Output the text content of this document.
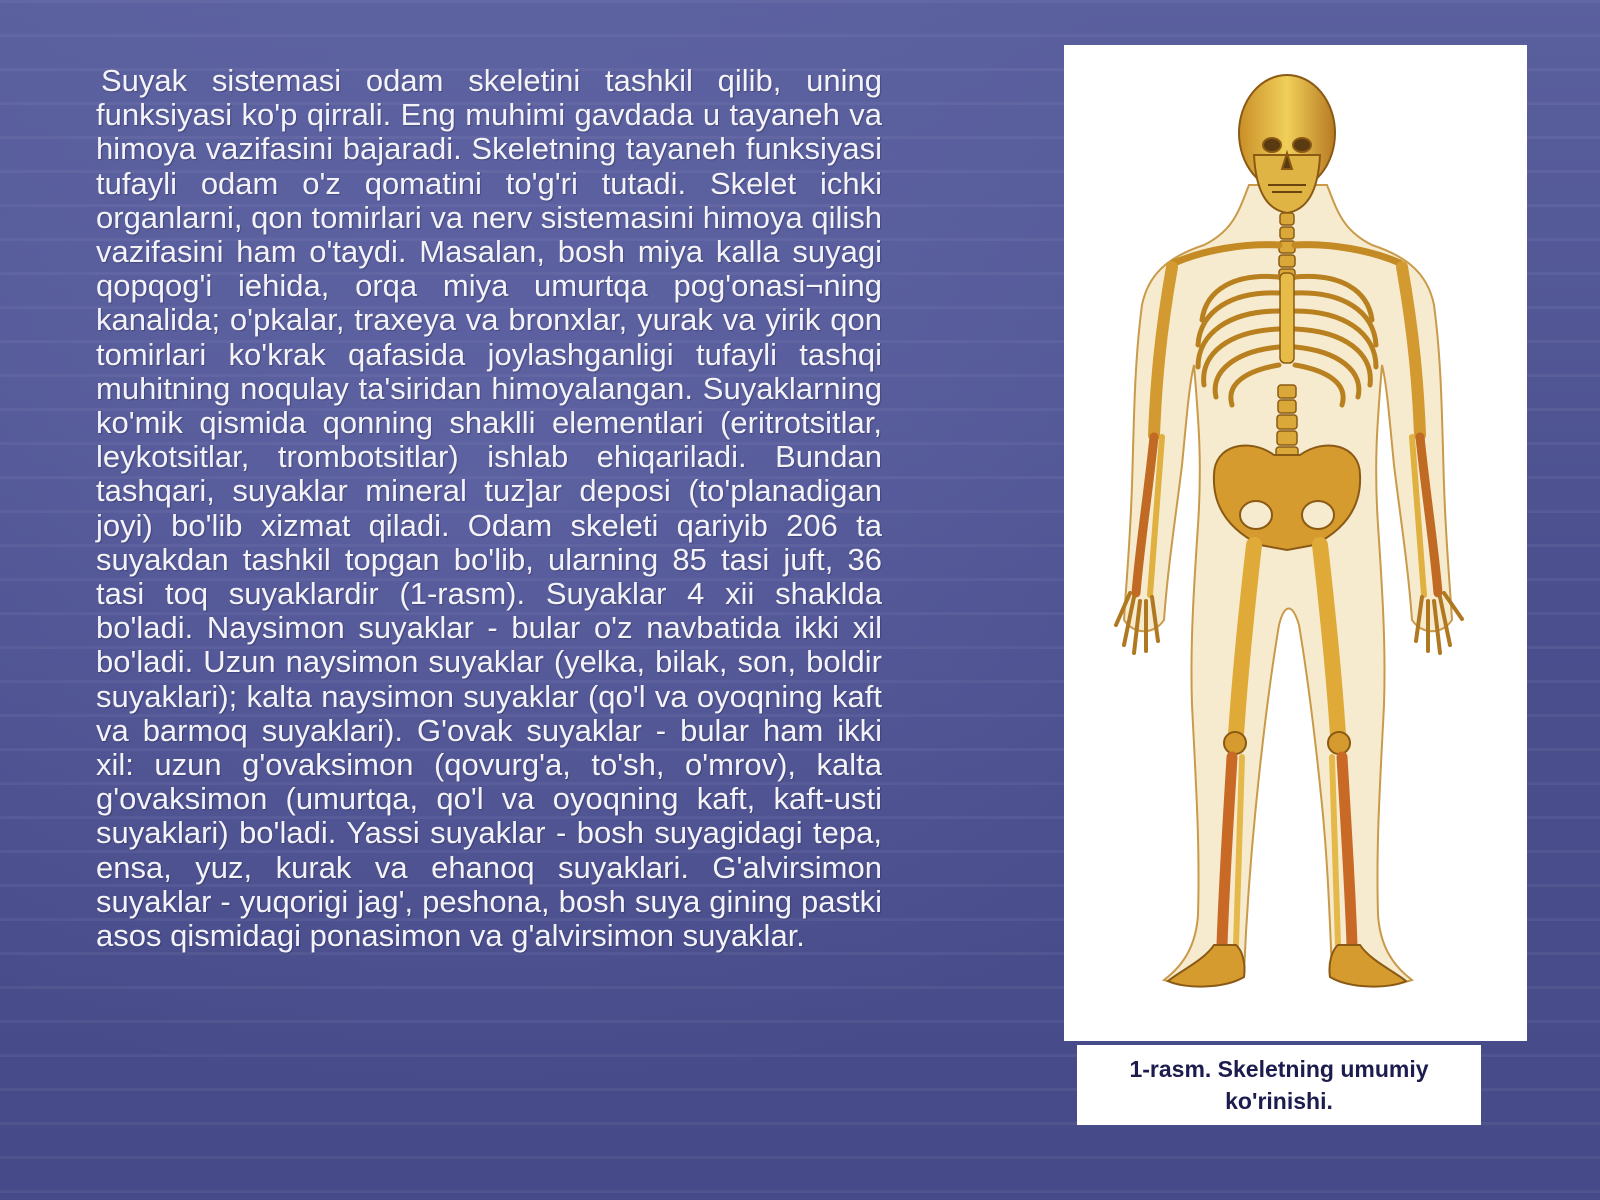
Suyak sistemasi odam skeletini tashkil qilib, uning funksiyasi ko'p qirrali. Eng muhimi gavdada u tayaneh va himoya vazifasini bajaradi. Skeletning tayaneh funksiyasi tufayli odam o'z qomatini to'g'ri tutadi. Skelet ichki organlarni, qon tomirlari va nerv sistemasini himoya qilish vazifasini ham o'taydi. Masalan, bosh miya kalla suyagi qopqog'i iehida, orqa miya umurtqa pog'onasi¬ning kanalida; o'pkalar, traxeya va bronxlar, yurak va yirik qon tomirlari ko'krak qafasida joylashganligi tufayli tashqi muhitning noqulay ta'siridan himoyalangan. Suyaklarning ko'mik qismida qonning shaklli elementlari (eritrotsitlar, leykotsitlar, trombotsitlar) ishlab ehiqariladi. Bundan tashqari, suyaklar mineral tuz]ar deposi (to'planadigan joyi) bo'lib xizmat qiladi. Odam skeleti qariyib 206 ta suyakdan tashkil topgan bo'lib, ularning 85 tasi juft, 36 tasi toq suyaklardir (1-rasm). Suyaklar 4 xii shaklda bo'ladi. Naysimon suyaklar - bular o'z navbatida ikki xil bo'ladi. Uzun naysimon suyaklar (yelka, bilak, son, boldir suyaklari); kalta naysimon suyaklar (qo'l va oyoqning kaft va barmoq suyaklari). G'ovak suyaklar - bular ham ikki xil: uzun g'ovaksimon (qovurg'a, to'sh, o'mrov), kalta g'ovaksimon (umurtqa, qo'l va oyoqning kaft, kaft-usti suyaklari) bo'ladi. Yassi suyaklar - bosh suyagidagi tepa, ensa, yuz, kurak va ehanoq suyaklari. G'alvirsimon suyaklar - yuqorigi jag', peshona, bosh suya gining pastki asos qismidagi ponasimon va g'alvirsimon suyaklar.

1-rasm. Skeletning umumiy ko'rinishi.
